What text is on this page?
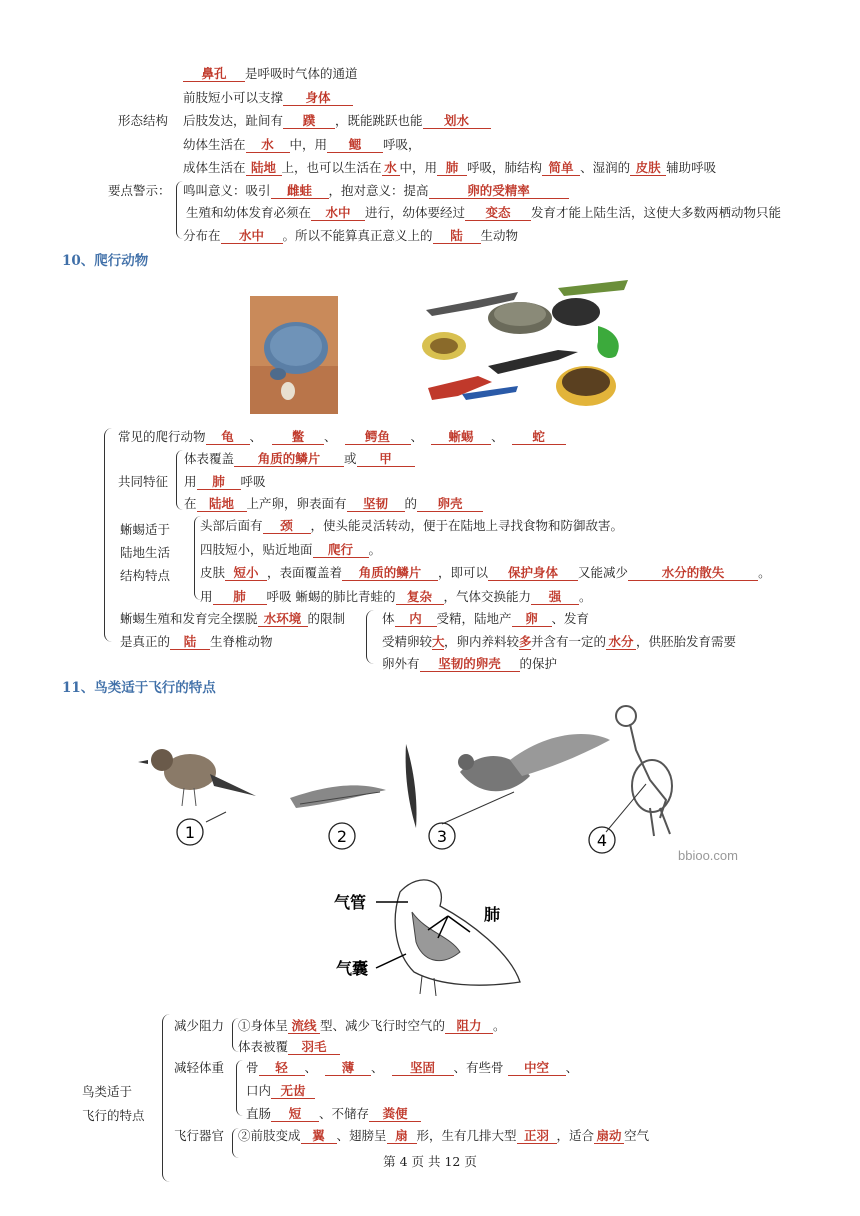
鼻孔 是呼吸时气体的通道
前肢短小可以支撑 身体
形态结构 后肢发达，趾间有 蹼 ，既能跳跃也能 划水
幼体生活在 水 中，用 鳃 呼吸，
成体生活在 陆地 上，也可以生活在 水 中，用 肺 呼吸，肺结构 简单 、湿润的 皮肤 辅助呼吸
要点警示： 鸣叫意义：吸引 雌蛙 ，抱对意义：提高	卵的受精率
生殖和幼体发育必须在 水中 进行，幼体要经过 变态 发育才能上陆生活，这使大多数两栖动物只能
分布在 水中 。所以不能算真正意义上的 陆 生动物
10、爬行动物
常见的爬行动物 龟 、 鳖 、 鳄鱼 、 蜥蜴 、 蛇
共同特征
体表覆盖 角质的鳞片 或 甲
用 肺 呼吸
在 陆地 上产卵，卵表面有 坚韧 的 卵壳
蜥蜴适于
陆地生活
结构特点
头部后面有 颈 ，使头能灵活转动，便于在陆地上寻找食物和防御敌害。
四肢短小，贴近地面 爬行 。
皮肤 短小 ，表面覆盖着 角质的鳞片 ，即可以 保护身体 又能减少	水分的散失	。
用 肺 呼吸 蜥蜴的肺比青蛙的 复杂 ，气体交换能力 强 。
蜥蜴生殖和发育完全摆脱 水环境 的限制
是真正的 陆 生脊椎动物
体 内 受精，陆地产 卵 、发育
受精卵较大，卵内养料较多并含有一定的 水分 ，供胚胎发育需要
卵外有 坚韧的卵壳 的保护
11、鸟类适于飞行的特点
1	2	3	4
bbioo.com
气管
肺
气囊
鸟类适于
飞行的特点
减少阻力 ①身体呈 流线 型、减少飞行时空气的 阻力 。
体表被覆 羽毛
减轻体重 骨 轻 、 薄 、 坚固 、有些骨 中空 、
口内 无齿
直肠 短 、不储存 粪便
飞行器官 ②前肢变成 翼 、翅膀呈 扇 形，生有几排大型 正羽 ，适合 扇动 空气
第 4 页 共 12 页
